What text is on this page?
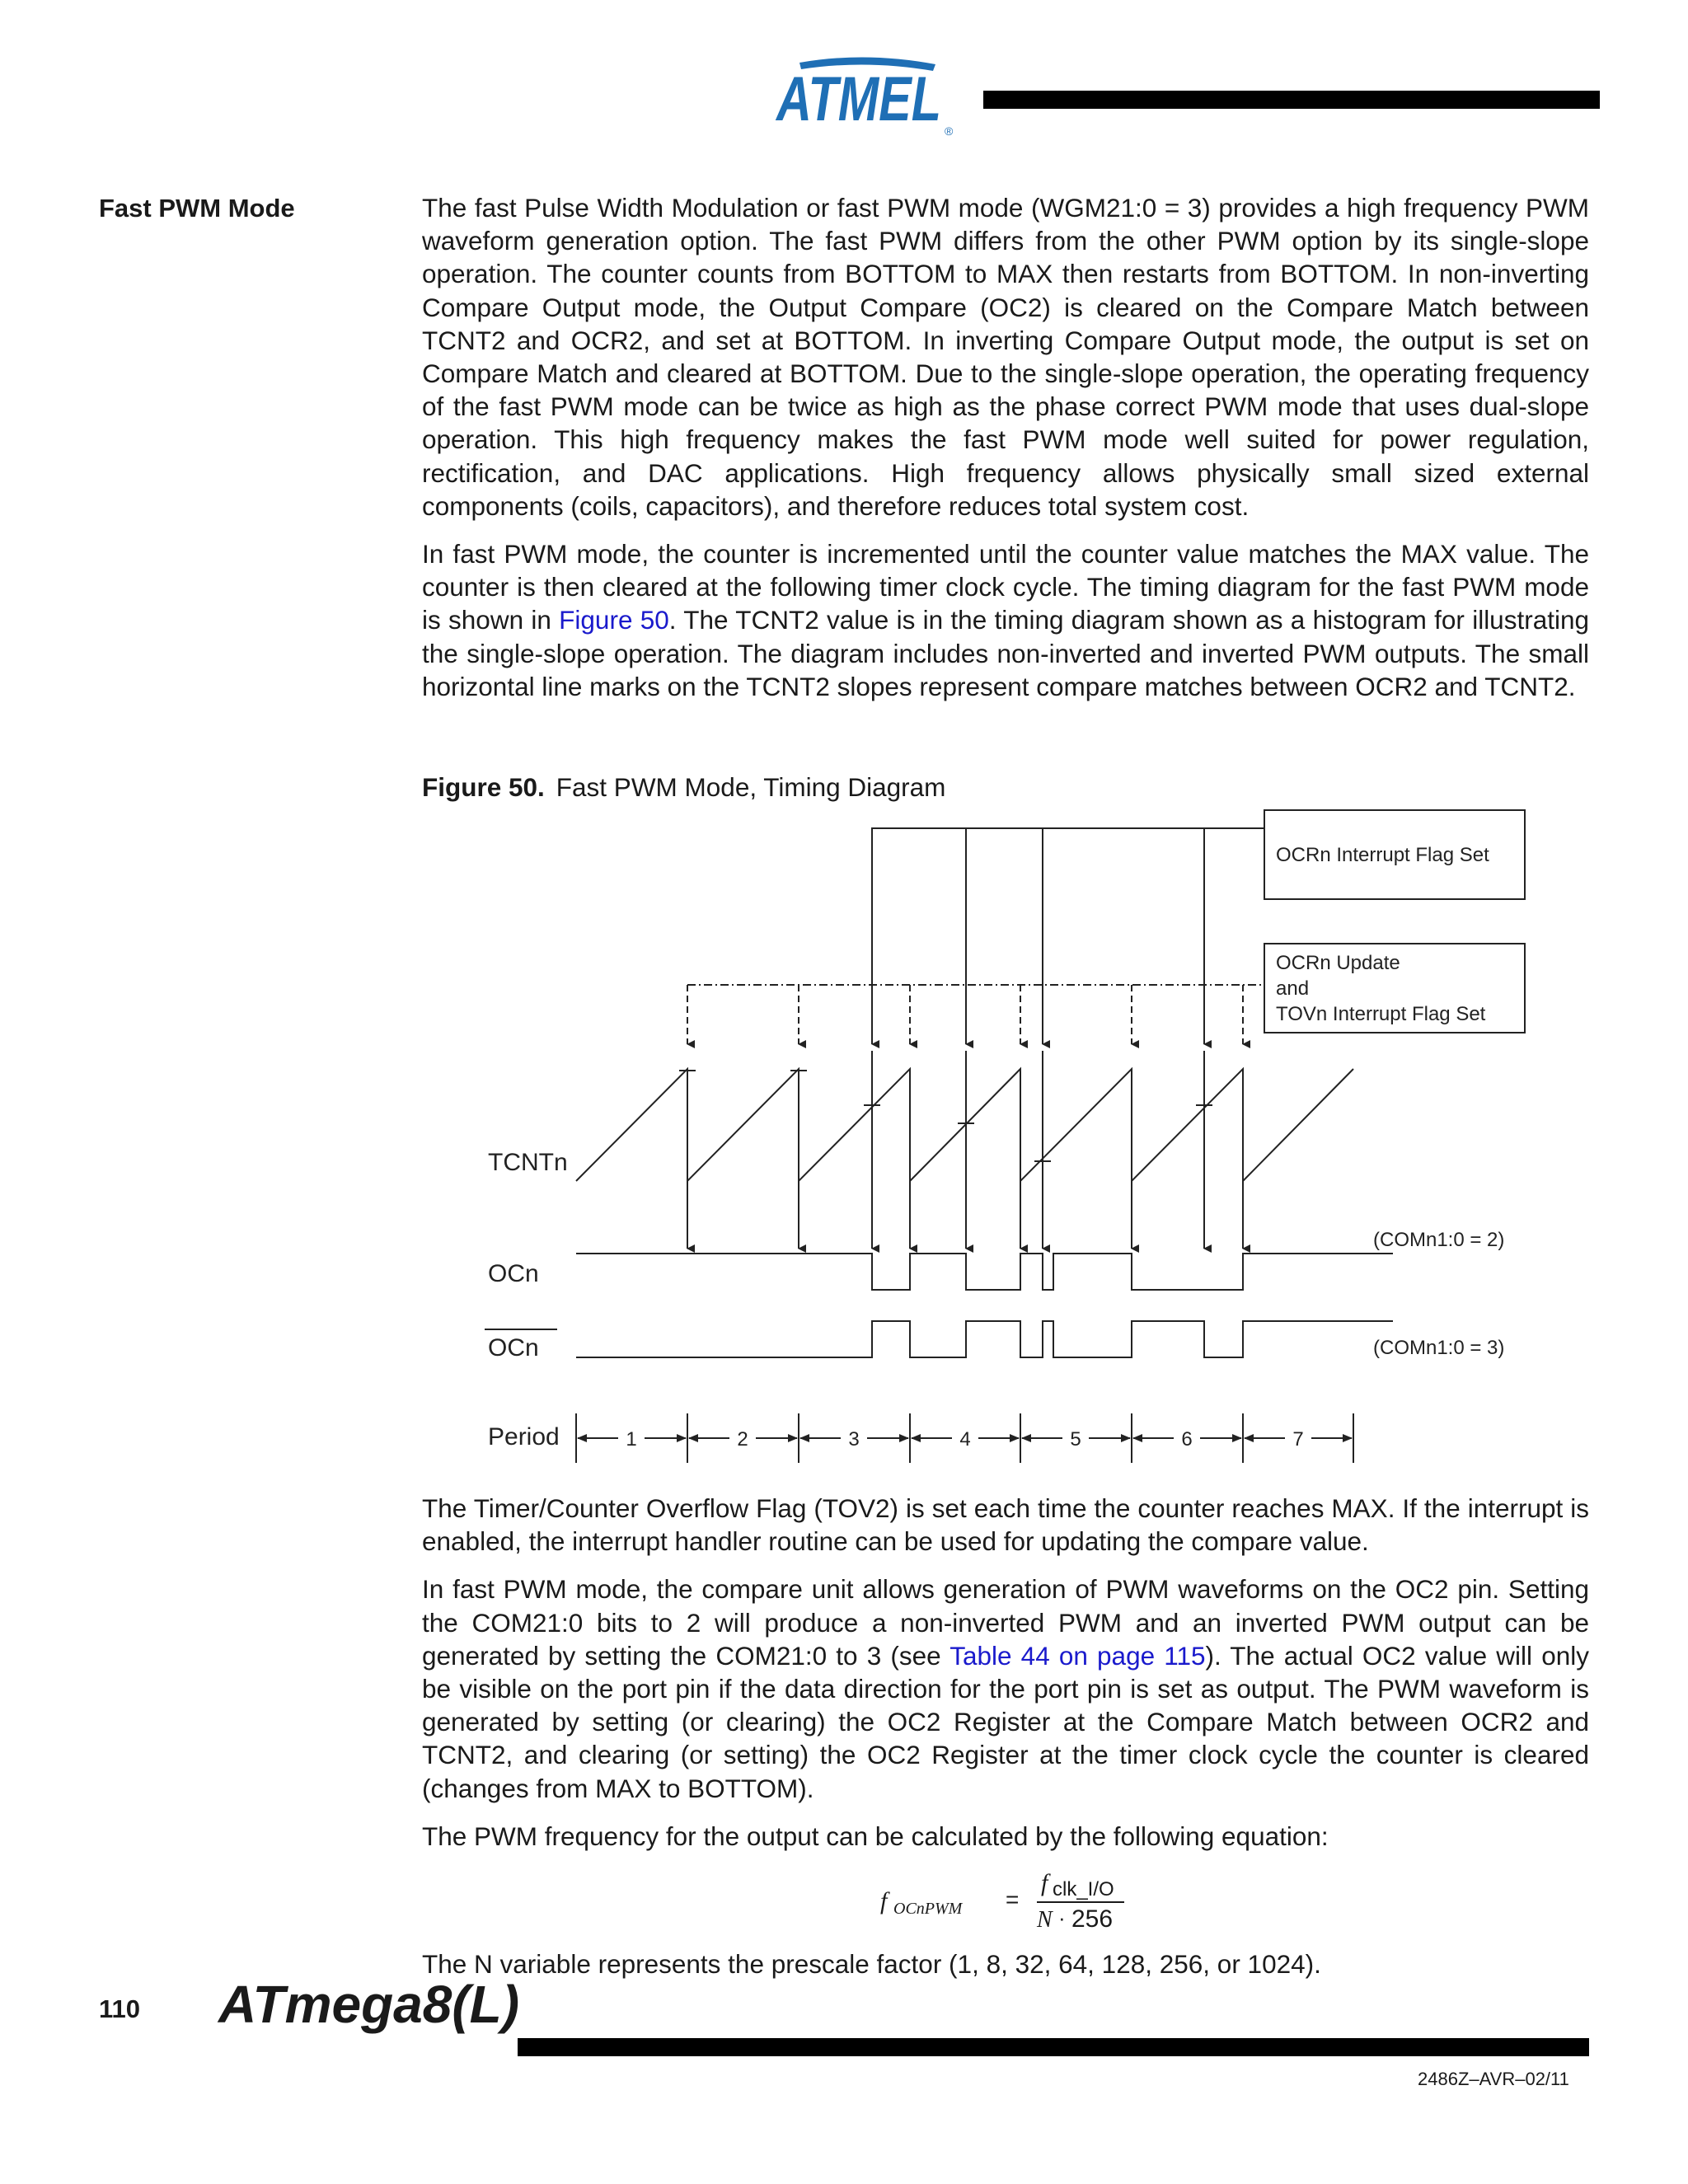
ATMEL ®
Fast PWM Mode	The fast Pulse Width Modulation or fast PWM mode (WGM21:0 = 3) provides a high frequency PWM waveform generation option. The fast PWM differs from the other PWM option by its single-slope operation. The counter counts from BOTTOM to MAX then restarts from BOTTOM. In non-inverting Compare Output mode, the Output Compare (OC2) is cleared on the Compare Match between TCNT2 and OCR2, and set at BOTTOM. In inverting Compare Output mode, the output is set on Compare Match and cleared at BOTTOM. Due to the single-slope operation, the operating frequency of the fast PWM mode can be twice as high as the phase correct PWM mode that uses dual-slope operation. This high frequency makes the fast PWM mode well suited for power regulation, rectification, and DAC applications. High frequency allows physically small sized external components (coils, capacitors), and therefore reduces total system cost.

In fast PWM mode, the counter is incremented until the counter value matches the MAX value. The counter is then cleared at the following timer clock cycle. The timing diagram for the fast PWM mode is shown in Figure 50. The TCNT2 value is in the timing diagram shown as a histogram for illustrating the single-slope operation. The diagram includes non-inverted and inverted PWM outputs. The small horizontal line marks on the TCNT2 slopes represent compare matches between OCR2 and TCNT2.

Figure 50. Fast PWM Mode, Timing Diagram
OCRn Interrupt Flag Set
OCRn Update
and
TOVn Interrupt Flag Set
TCNTn
OCn
(COMn1:0 = 2)
OCn	(COMn1:0 = 3)
Period	1	2	3	4	5	6	7

The Timer/Counter Overflow Flag (TOV2) is set each time the counter reaches MAX. If the interrupt is enabled, the interrupt handler routine can be used for updating the compare value.

In fast PWM mode, the compare unit allows generation of PWM waveforms on the OC2 pin. Setting the COM21:0 bits to 2 will produce a non-inverted PWM and an inverted PWM output can be generated by setting the COM21:0 to 3 (see Table 44 on page 115). The actual OC2 value will only be visible on the port pin if the data direction for the port pin is set as output. The PWM waveform is generated by setting (or clearing) the OC2 Register at the Compare Match between OCR2 and TCNT2, and clearing (or setting) the OC2 Register at the timer clock cycle the counter is cleared (changes from MAX to BOTTOM).

The PWM frequency for the output can be calculated by the following equation:

f OCnPWM =
f clk_I/O
N · 256
The N variable represents the prescale factor (1, 8, 32, 64, 128, 256, or 1024).
110 ATmega8(L)
2486Z–AVR–02/11
